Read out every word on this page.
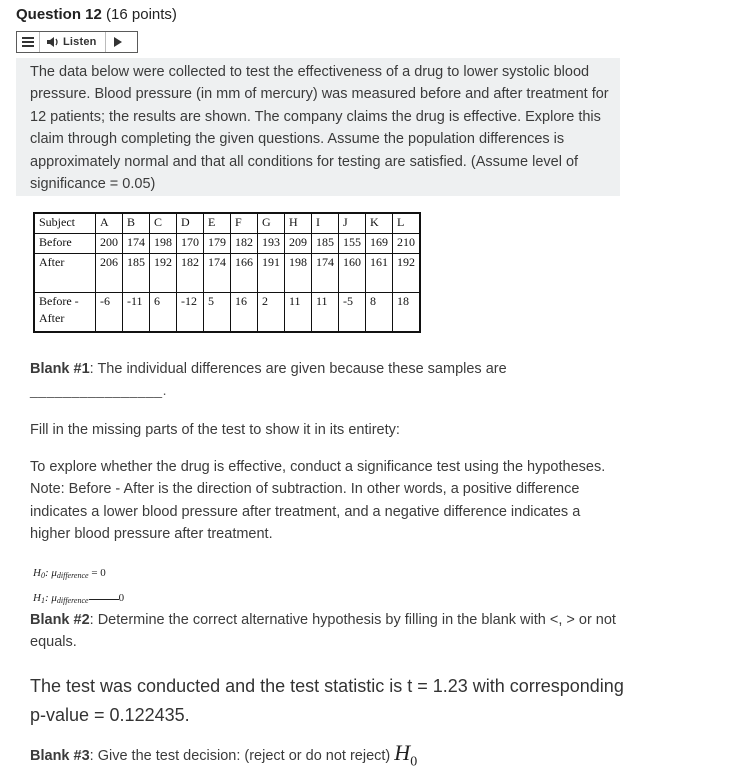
Question 12 (16 points)
Listen
The data below were collected to test the effectiveness of a drug to lower systolic blood pressure. Blood pressure (in mm of mercury) was measured before and after treatment for 12 patients; the results are shown. The company claims the drug is effective. Explore this claim through completing the given questions. Assume the population differences is approximately normal and that all conditions for testing are satisfied. (Assume level of significance = 0.05)
Subject	A	B	C	D	E	F	G	H	I	J	K	L
Before	200	174	198	170	179	182	193	209	185	155	169	210
After	206	185	192	182	174	166	191	198	174	160	161	192
Before -
After	-6	-11	6	-12	5	16	2	11	11	-5	8	18
Blank #1: The individual differences are given because these samples are
________________.
Fill in the missing parts of the test to show it in its entirety:
To explore whether the drug is effective, conduct a significance test using the hypotheses. Note: Before - After is the direction of subtraction. In other words, a positive difference indicates a lower blood pressure after treatment, and a negative difference indicates a higher blood pressure after treatment.
$H_0$: $\mu_{difference} = 0$
$H_1$: $\mu_{difference}$	0
Blank #2: Determine the correct alternative hypothesis by filling in the blank with <, > or not equals.
The test was conducted and the test statistic is t = 1.23 with corresponding p-value = 0.122435.
Blank #3: Give the test decision: (reject or do not reject) $H_0$
